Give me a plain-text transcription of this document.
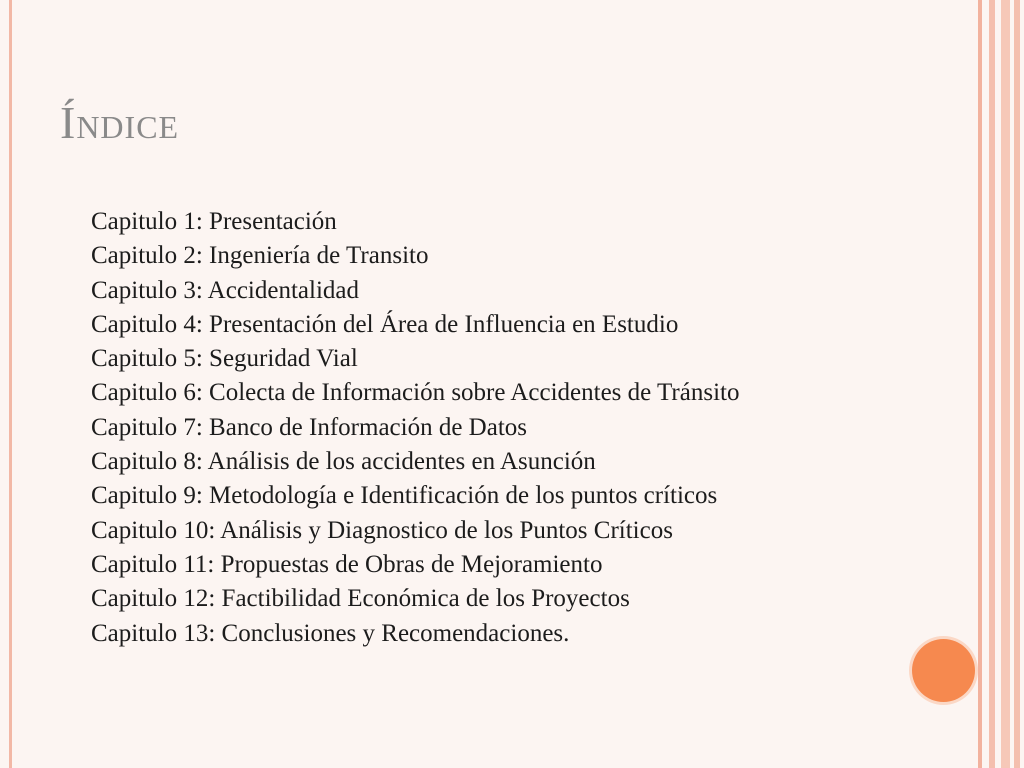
Índice
Capitulo 1: Presentación
Capitulo 2: Ingeniería de Transito
Capitulo 3: Accidentalidad
Capitulo 4: Presentación del Área de Influencia en Estudio
Capitulo 5: Seguridad Vial
Capitulo 6: Colecta de Información sobre Accidentes de Tránsito
Capitulo 7: Banco de Información de Datos
Capitulo 8: Análisis de los accidentes en Asunción
Capitulo 9: Metodología e Identificación de los puntos críticos
Capitulo 10: Análisis y Diagnostico de los Puntos Críticos
Capitulo 11: Propuestas de Obras de Mejoramiento
Capitulo 12: Factibilidad Económica de los Proyectos
Capitulo 13: Conclusiones y Recomendaciones.
